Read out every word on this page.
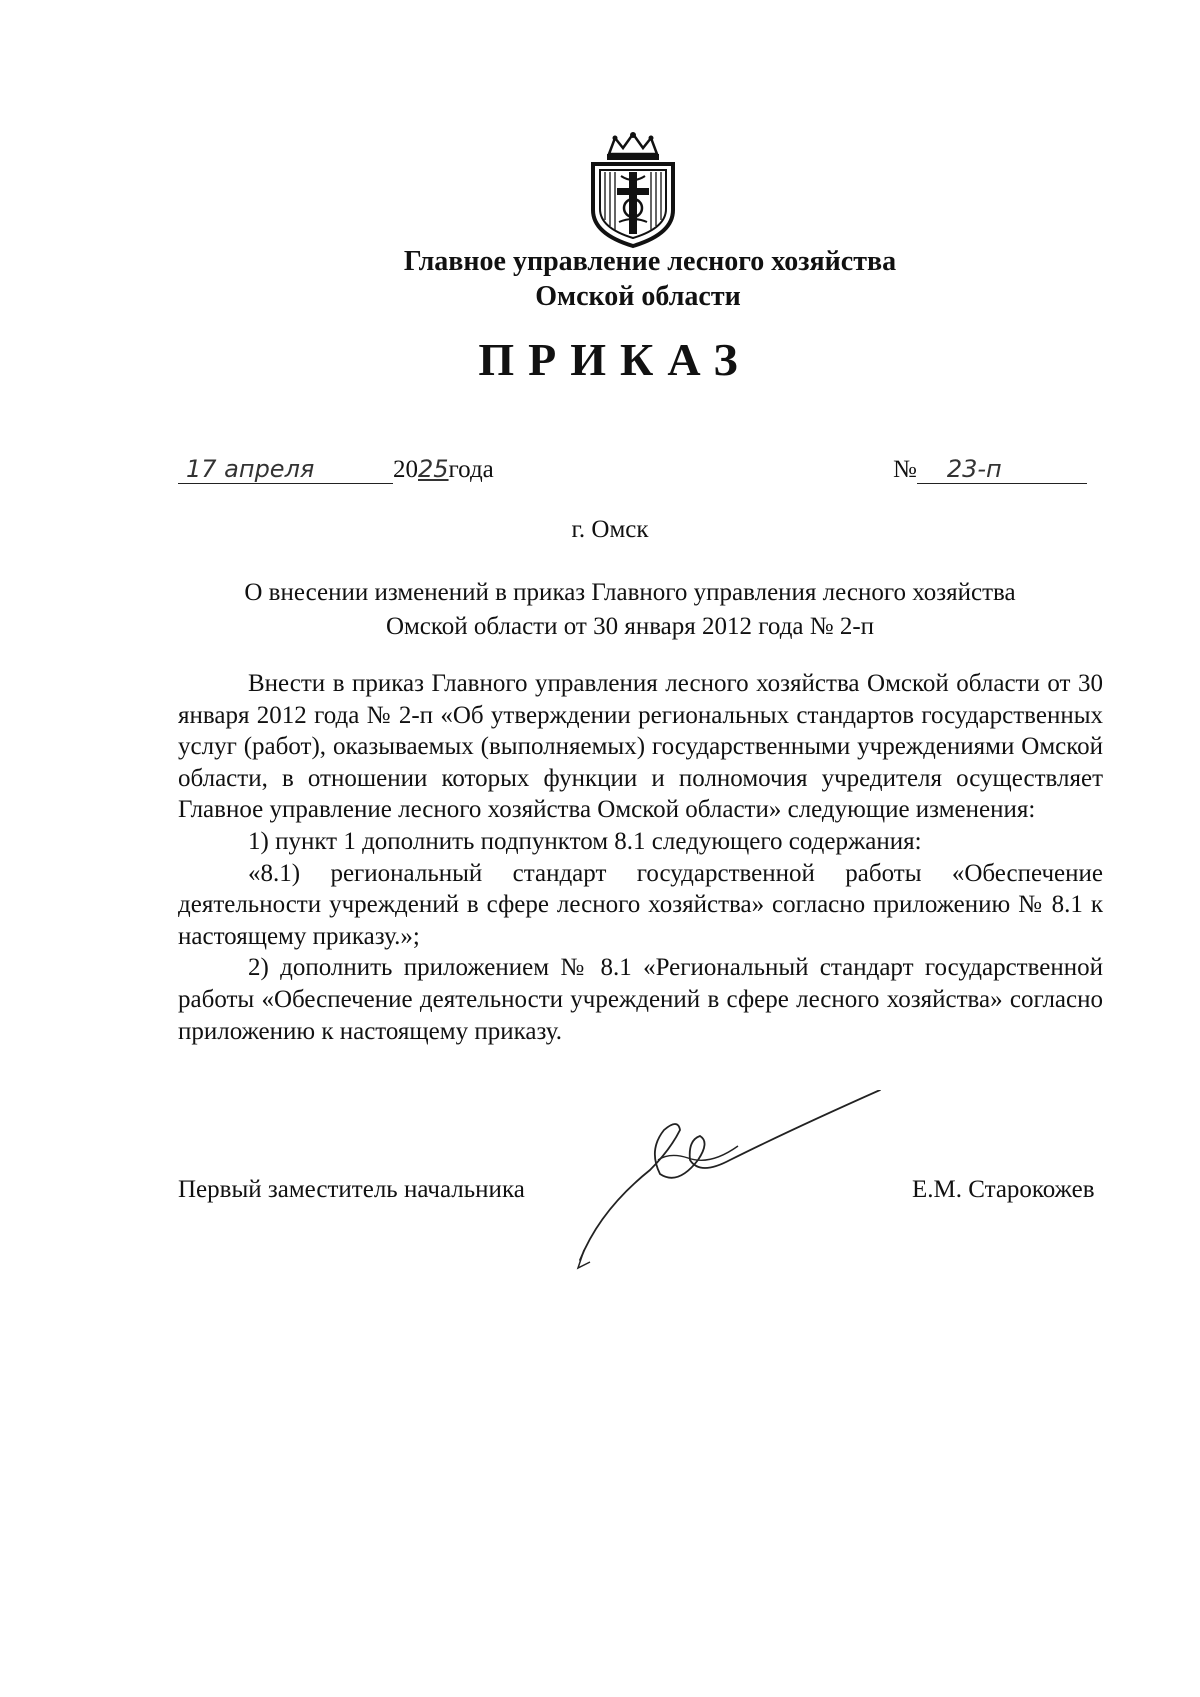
Главное управление лесного хозяйства
Омской области
ПРИКАЗ
17 апреля	2025года	№ 23-п
г. Омск
О внесении изменений в приказ Главного управления лесного хозяйства
Омской области от 30 января 2012 года № 2-п

Внести в приказ Главного управления лесного хозяйства Омской области от 30 января 2012 года № 2-п «Об утверждении региональных стандартов государственных услуг (работ), оказываемых (выполняемых) государственными учреждениями Омской области, в отношении которых функции и полномочия учредителя осуществляет Главное управление лесного хозяйства Омской области» следующие изменения:

1) пункт 1 дополнить подпунктом 8.1 следующего содержания:

«8.1) региональный стандарт государственной работы «Обеспечение деятельности учреждений в сфере лесного хозяйства» согласно приложению № 8.1 к настоящему приказу.»;

2) дополнить приложением № 8.1 «Региональный стандарт государственной работы «Обеспечение деятельности учреждений в сфере лесного хозяйства» согласно приложению к настоящему приказу.

Первый заместитель начальника	Е.М. Старокожев
